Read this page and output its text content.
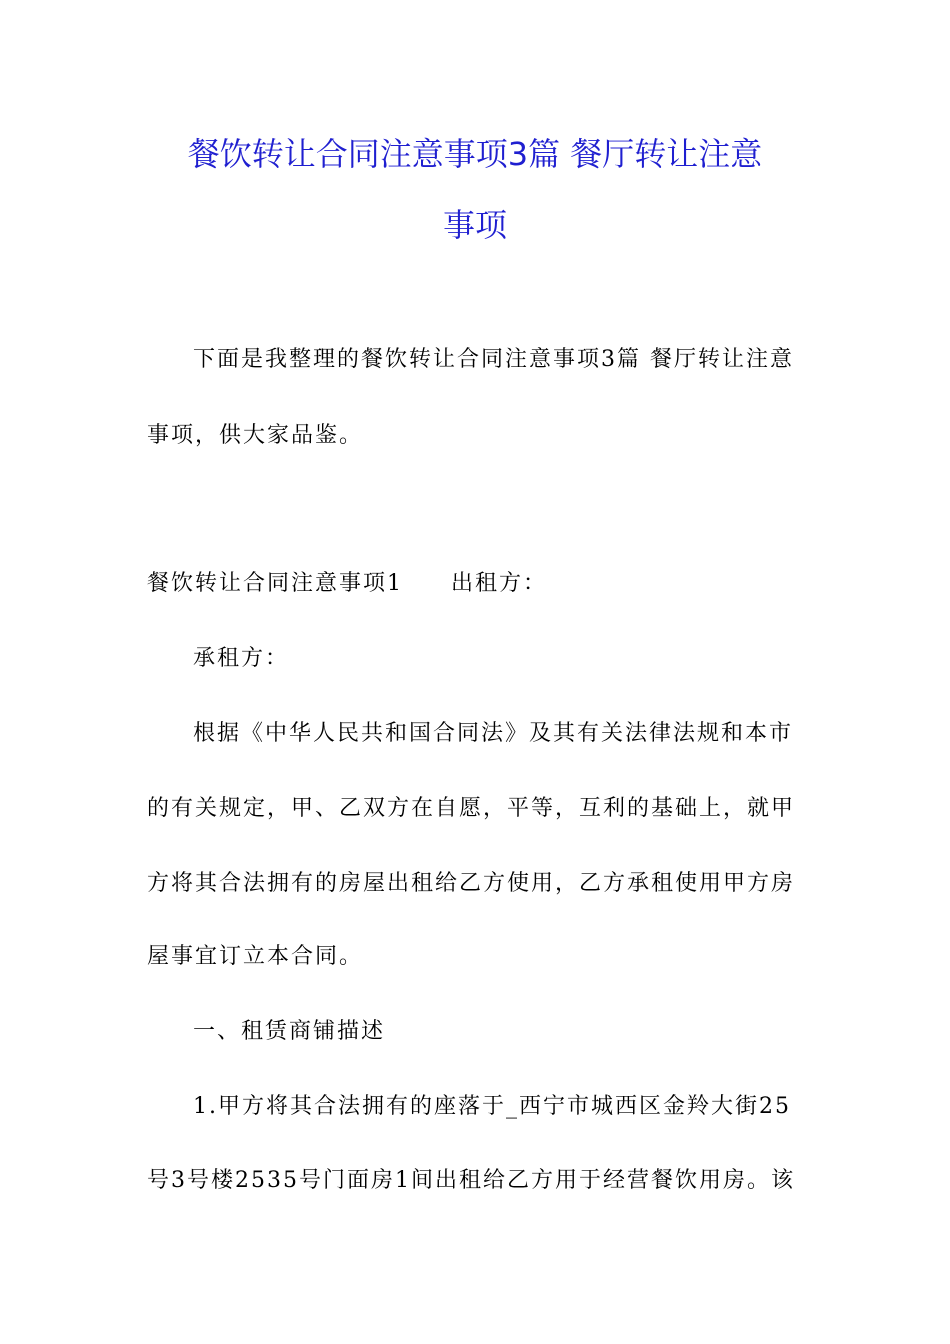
餐饮转让合同注意事项3篇 餐厅转让注意
事项
下面是我整理的餐饮转让合同注意事项3篇 餐厅转让注意
事项，供大家品鉴。
餐饮转让合同注意事项1 出租方：
承租方：
根据《中华人民共和国合同法》及其有关法律法规和本市
的有关规定，甲、乙双方在自愿，平等，互利的基础上，就甲
方将其合法拥有的房屋出租给乙方使用，乙方承租使用甲方房
屋事宜订立本合同。
一、租赁商铺描述
1.甲方将其合法拥有的座落于_西宁市城西区金羚大街25
号3号楼2535号门面房1间出租给乙方用于经营餐饮用房。该
